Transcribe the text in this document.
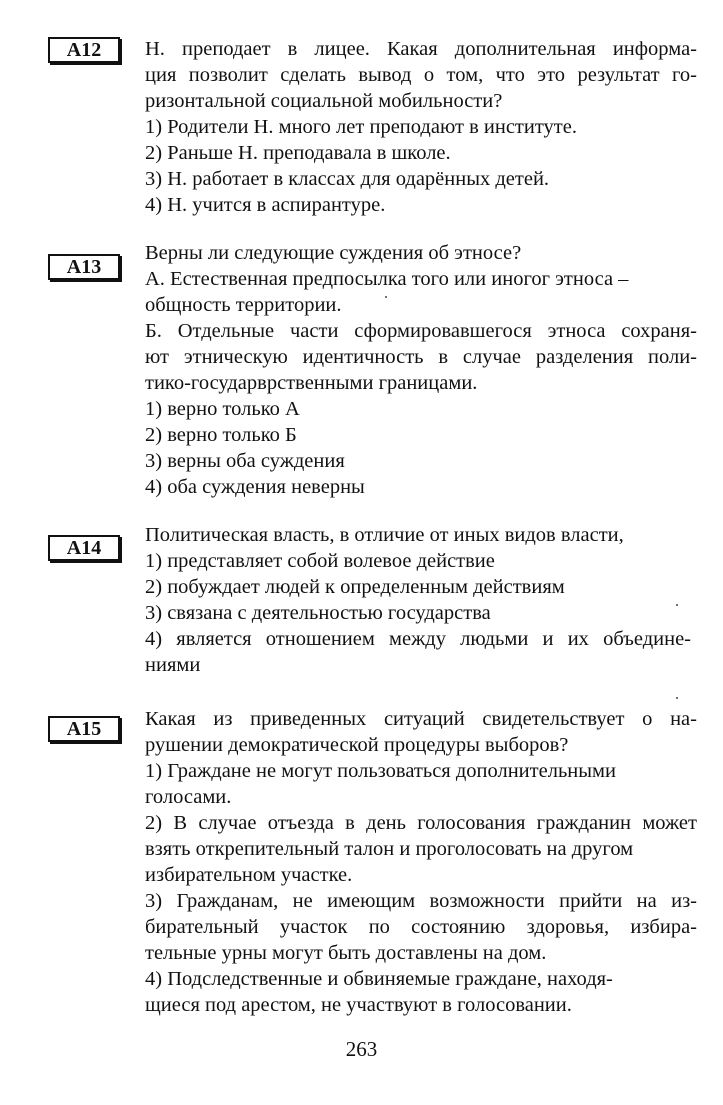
A12	Н. преподает в лицее. Какая дополнительная информа-
ция позволит сделать вывод о том, что это результат го-
ризонтальной социальной мобильности?
1) Родители Н. много лет преподают в институте.
2) Раньше Н. преподавала в школе.
3) Н. работает в классах для одарённых детей.
4) Н. учится в аспирантуре.
A13
Верны ли следующие суждения об этносе?
А. Естественная предпосылка того или иногог этноса –
общность территории.
Б. Отдельные части сформировавшегося этноса сохраня-
ют этническую идентичность в случае разделения поли-
тико-государврственными границами.
1) верно только А
2) верно только Б
3) верны оба суждения
4) оба суждения неверны
A14
Политическая власть, в отличие от иных видов власти,
1) представляет собой волевое действие
2) побуждает людей к определенным действиям
3) связана с деятельностью государства
4) является отношением между людьми и их объедине-
ниями
A15	Какая из приведенных ситуаций свидетельствует о на-
рушении демократической процедуры выборов?
1) Граждане не могут пользоваться дополнительными
голосами.
2) В случае отъезда в день голосования гражданин может
взять открепительный талон и проголосовать на другом
избирательном участке.
3) Гражданам, не имеющим возможности прийти на из-
бирательный участок по состоянию здоровья, избира-
тельные урны могут быть доставлены на дом.
4) Подследственные и обвиняемые граждане, находя-
щиеся под арестом, не участвуют в голосовании.
263
